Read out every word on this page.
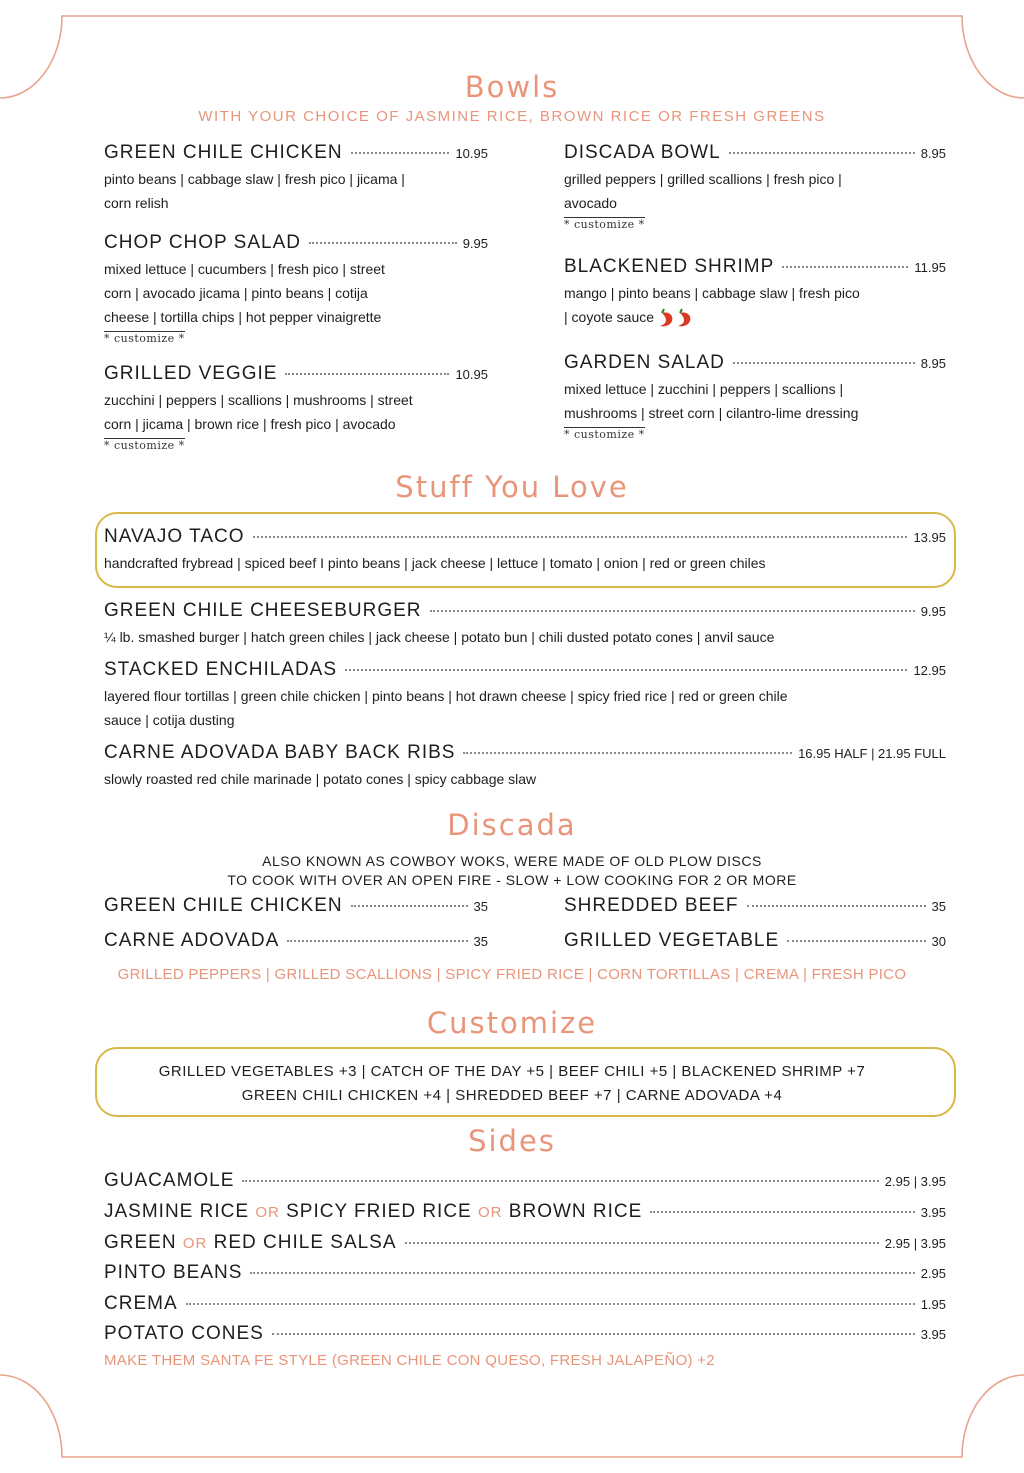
Bowls
WITH YOUR CHOICE OF JASMINE RICE, BROWN RICE OR FRESH GREENS
GREEN CHILE CHICKEN	10.95
pinto beans | cabbage slaw | fresh pico | jicama |
corn relish
CHOP CHOP SALAD	9.95
mixed lettuce | cucumbers | fresh pico | street
corn | avocado jicama | pinto beans | cotija
cheese | tortilla chips | hot pepper vinaigrette
* customize *
GRILLED VEGGIE	10.95
zucchini | peppers | scallions | mushrooms | street
corn | jicama | brown rice | fresh pico | avocado
* customize *
DISCADA BOWL	8.95
grilled peppers | grilled scallions | fresh pico |
avocado
* customize *
BLACKENED SHRIMP	11.95
mango | pinto beans | cabbage slaw | fresh pico
| coyote sauce
GARDEN SALAD	8.95
mixed lettuce | zucchini | peppers | scallions |
mushrooms | street corn | cilantro-lime dressing
* customize *
Stuff You Love
NAVAJO TACO	13.95
handcrafted frybread | spiced beef I pinto beans | jack cheese | lettuce | tomato | onion | red or green chiles
GREEN CHILE CHEESEBURGER	9.95
¼ lb. smashed burger | hatch green chiles | jack cheese | potato bun | chili dusted potato cones | anvil sauce
STACKED ENCHILADAS	12.95
layered flour tortillas | green chile chicken | pinto beans | hot drawn cheese | spicy fried rice | red or green chile
sauce | cotija dusting
CARNE ADOVADA BABY BACK RIBS	16.95 HALF | 21.95 FULL
slowly roasted red chile marinade | potato cones | spicy cabbage slaw
Discada
ALSO KNOWN AS COWBOY WOKS, WERE MADE OF OLD PLOW DISCS
TO COOK WITH OVER AN OPEN FIRE - SLOW + LOW COOKING FOR 2 OR MORE
GREEN CHILE CHICKEN	35
CARNE ADOVADA	35
SHREDDED BEEF	35
GRILLED VEGETABLE	30
GRILLED PEPPERS | GRILLED SCALLIONS | SPICY FRIED RICE | CORN TORTILLAS | CREMA | FRESH PICO
Customize
GRILLED VEGETABLES +3 | CATCH OF THE DAY +5 | BEEF CHILI +5 | BLACKENED SHRIMP +7
GREEN CHILI CHICKEN +4 | SHREDDED BEEF +7 | CARNE ADOVADA +4
Sides
GUACAMOLE	2.95 | 3.95
JASMINE RICE OR SPICY FRIED RICE OR BROWN RICE	3.95
GREEN OR RED CHILE SALSA	2.95 | 3.95
PINTO BEANS	2.95
CREMA	1.95
POTATO CONES	3.95
MAKE THEM SANTA FE STYLE (GREEN CHILE CON QUESO, FRESH JALAPEÑO) +2
